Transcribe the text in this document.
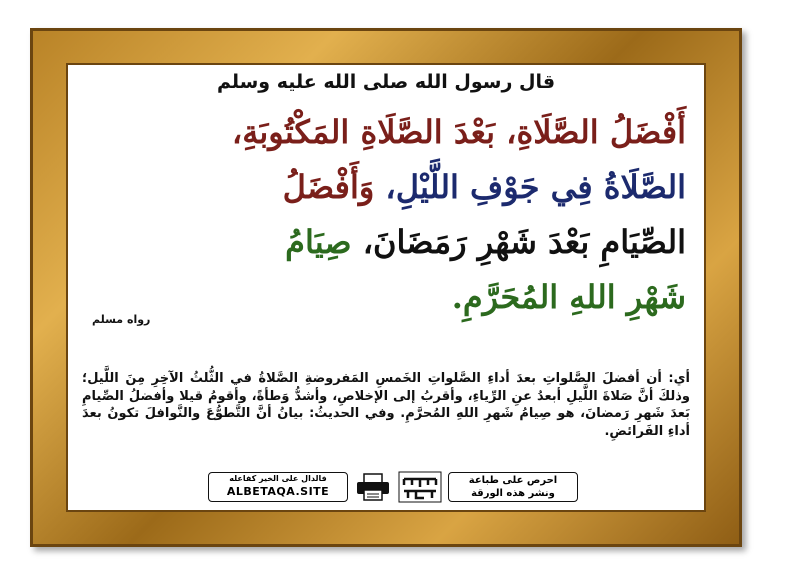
قال رسول الله صلى الله عليه وسلم
أَفْضَلُ الصَّلَاةِ، بَعْدَ الصَّلَاةِ المَكْتُوبَةِ،
الصَّلَاةُ فِي جَوْفِ اللَّيْلِ، وَأَفْضَلُ
الصِّيَامِ بَعْدَ شَهْرِ رَمَضَانَ، صِيَامُ
شَهْرِ اللهِ المُحَرَّمِ.
رواه مسلم
أي: أن أفضلَ الصَّلواتِ بعدَ أداءِ الصَّلواتِ الخَمسِ المَفروضةِ الصَّلاةُ في الثُّلثُ الآخِرِ مِنَ اللَّيل؛ وذلكَ أنَّ صَلاةَ اللَّيلِ أبعدُ عنِ الرِّياءِ، وأقربُ إلى الإخلاصِ، وأشدُّ وَطأةً، وأقومُ قيلا وأفضلُ الصِّيامِ بَعدَ شَهرِ رَمضانَ، هو صِيامُ شَهرِ اللهِ المُحرَّمِ. وفي الحديثُ: بيانُ أنَّ التَّطوُّعَ والنَّوافلَ تكونُ بعدَ أداءِ الفَرائضِ.
فالدال على الخير كفاعله
ALBETAQA.SITE
احرص على طباعة
ونشر هذه الورقة
